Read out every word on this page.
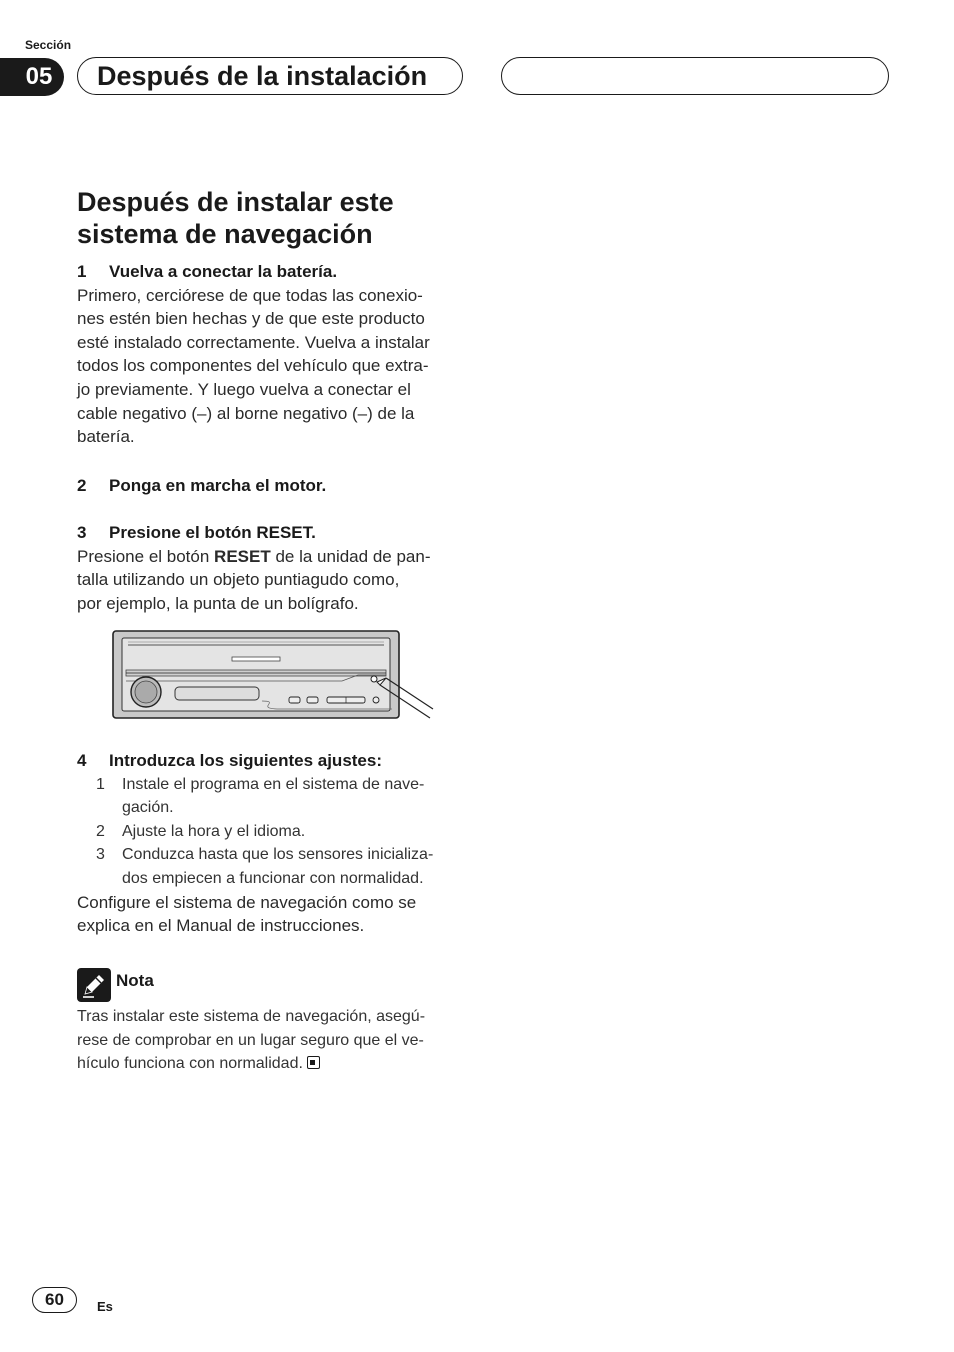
Sección
05	Después de la instalación
Después de instalar este
sistema de navegación
1	Vuelva a conectar la batería.
Primero, cerciórese de que todas las conexio-
nes estén bien hechas y de que este producto
esté instalado correctamente. Vuelva a instalar
todos los componentes del vehículo que extra-
jo previamente. Y luego vuelva a conectar el
cable negativo (–) al borne negativo (–) de la
batería.
2	Ponga en marcha el motor.
3	Presione el botón RESET.
Presione el botón RESET de la unidad de pan-
talla utilizando un objeto puntiagudo como,
por ejemplo, la punta de un bolígrafo.
4	Introduzca los siguientes ajustes:
1	Instale el programa en el sistema de nave-
gación.
2	Ajuste la hora y el idioma.
3	Conduzca hasta que los sensores inicializa-
dos empiecen a funcionar con normalidad.
Configure el sistema de navegación como se
explica en el Manual de instrucciones.
Nota
Tras instalar este sistema de navegación, asegú-
rese de comprobar en un lugar seguro que el ve-
hículo funciona con normalidad.
60	Es
